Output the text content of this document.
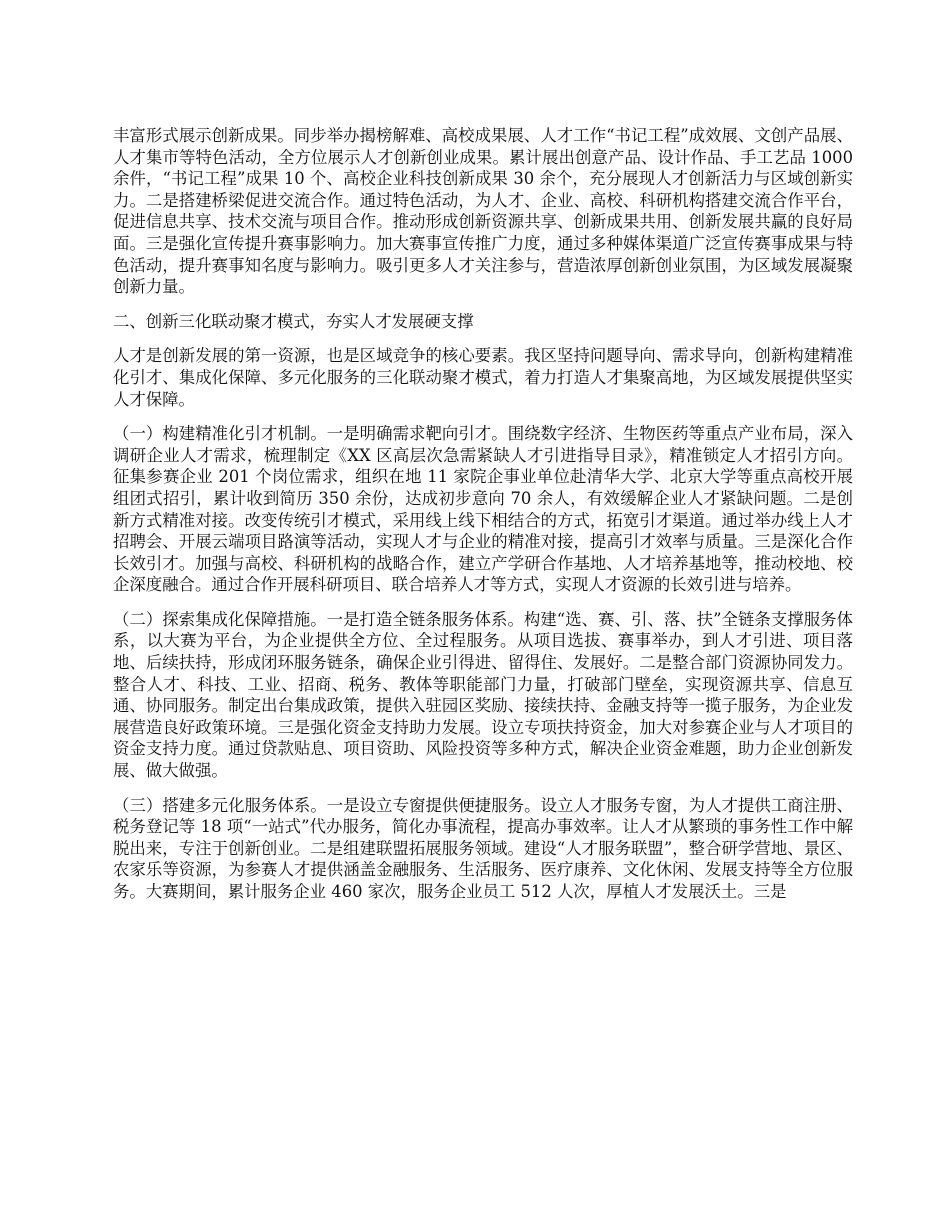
丰富形式展示创新成果。同步举办揭榜解难、高校成果展、人才工作“书记工程”成效展、文创产品展、人才集市等特色活动，全方位展示人才创新创业成果。累计展出创意产品、设计作品、手工艺品 1000 余件，“书记工程”成果 10 个、高校企业科技创新成果 30 余个，充分展现人才创新活力与区域创新实力。二是搭建桥梁促进交流合作。通过特色活动，为人才、企业、高校、科研机构搭建交流合作平台，促进信息共享、技术交流与项目合作。推动形成创新资源共享、创新成果共用、创新发展共赢的良好局面。三是强化宣传提升赛事影响力。加大赛事宣传推广力度，通过多种媒体渠道广泛宣传赛事成果与特色活动，提升赛事知名度与影响力。吸引更多人才关注参与，营造浓厚创新创业氛围，为区域发展凝聚创新力量。

二、创新三化联动聚才模式，夯实人才发展硬支撑

人才是创新发展的第一资源，也是区域竞争的核心要素。我区坚持问题导向、需求导向，创新构建精准化引才、集成化保障、多元化服务的三化联动聚才模式，着力打造人才集聚高地，为区域发展提供坚实人才保障。

（一）构建精准化引才机制。一是明确需求靶向引才。围绕数字经济、生物医药等重点产业布局，深入调研企业人才需求，梳理制定《XX 区高层次急需紧缺人才引进指导目录》，精准锁定人才招引方向。征集参赛企业 201 个岗位需求，组织在地 11 家院企事业单位赴清华大学、北京大学等重点高校开展组团式招引，累计收到简历 350 余份，达成初步意向 70 余人，有效缓解企业人才紧缺问题。二是创新方式精准对接。改变传统引才模式，采用线上线下相结合的方式，拓宽引才渠道。通过举办线上人才招聘会、开展云端项目路演等活动，实现人才与企业的精准对接，提高引才效率与质量。三是深化合作长效引才。加强与高校、科研机构的战略合作，建立产学研合作基地、人才培养基地等，推动校地、校企深度融合。通过合作开展科研项目、联合培养人才等方式，实现人才资源的长效引进与培养。

（二）探索集成化保障措施。一是打造全链条服务体系。构建“选、赛、引、落、扶”全链条支撑服务体系，以大赛为平台，为企业提供全方位、全过程服务。从项目选拔、赛事举办，到人才引进、项目落地、后续扶持，形成闭环服务链条，确保企业引得进、留得住、发展好。二是整合部门资源协同发力。整合人才、科技、工业、招商、税务、教体等职能部门力量，打破部门壁垒，实现资源共享、信息互通、协同服务。制定出台集成政策，提供入驻园区奖励、接续扶持、金融支持等一揽子服务，为企业发展营造良好政策环境。三是强化资金支持助力发展。设立专项扶持资金，加大对参赛企业与人才项目的资金支持力度。通过贷款贴息、项目资助、风险投资等多种方式，解决企业资金难题，助力企业创新发展、做大做强。

（三）搭建多元化服务体系。一是设立专窗提供便捷服务。设立人才服务专窗，为人才提供工商注册、税务登记等 18 项“一站式”代办服务，简化办事流程，提高办事效率。让人才从繁琐的事务性工作中解脱出来，专注于创新创业。二是组建联盟拓展服务领域。建设“人才服务联盟”，整合研学营地、景区、农家乐等资源，为参赛人才提供涵盖金融服务、生活服务、医疗康养、文化休闲、发展支持等全方位服务。大赛期间，累计服务企业 460 家次，服务企业员工 512 人次，厚植人才发展沃土。三是
